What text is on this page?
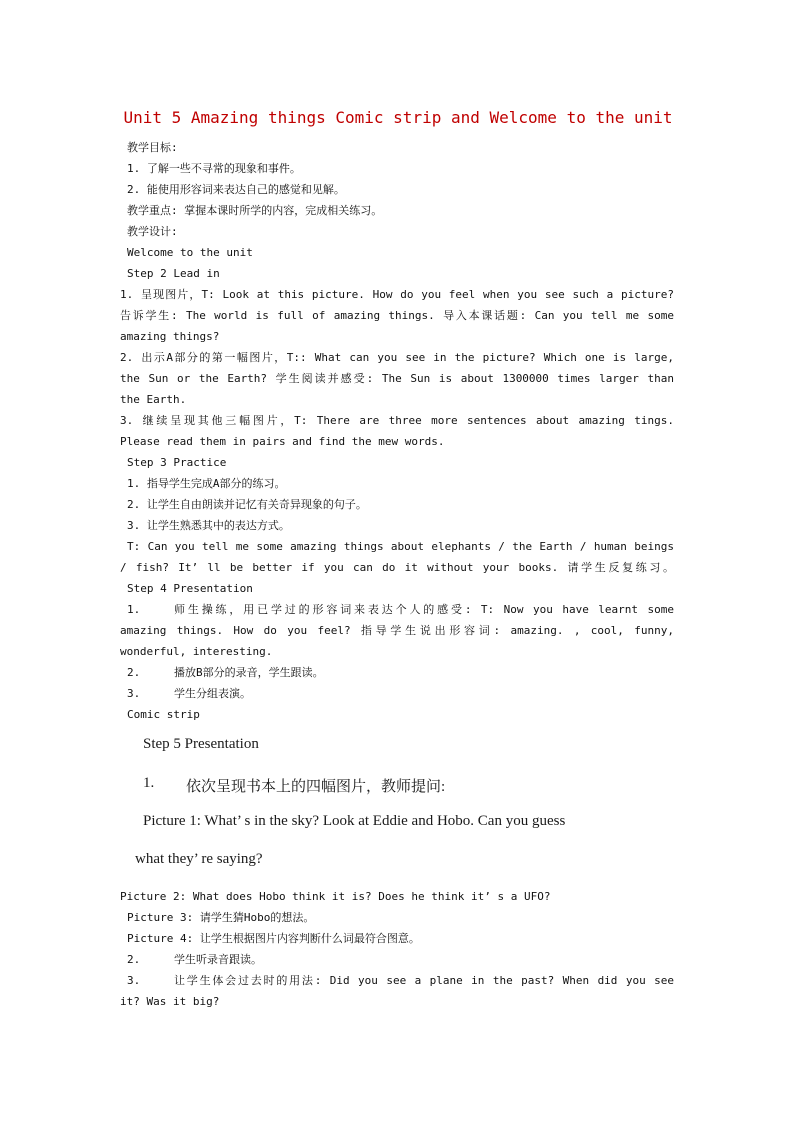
Unit 5 Amazing things Comic strip and Welcome to the unit
教学目标:
1. 了解一些不寻常的现象和事件。
2. 能使用形容词来表达自己的感觉和见解。
教学重点: 掌握本课时所学的内容，完成相关练习。
教学设计:
Welcome to the unit
Step 2 Lead in
1. 呈现图片，T: Look at this picture. How do you feel when you see such a picture?
告诉学生: The world is full of amazing things. 导入本课话题: Can you tell me some
amazing things?
2. 出示A部分的第一幅图片，T:: What can you see in the picture? Which one is large,
the Sun or the Earth? 学生阅读并感受: The Sun is about 1300000 times larger than
the Earth.
3. 继续呈现其他三幅图片，T: There are three more sentences about amazing tings.
Please read them in pairs and find the mew words.
Step 3 Practice
1. 指导学生完成A部分的练习。
2. 让学生自由朗读并记忆有关奇异现象的句子。
3. 让学生熟悉其中的表达方式。
T: Can you tell me some amazing things about elephants / the Earth / human beings
/ fish? It’ ll be better if you can do it without your books. 请学生反复练习。
Step 4 Presentation
1.	师生操练，用已学过的形容词来表达个人的感受: T: Now you have learnt some
amazing things. How do you feel? 指导学生说出形容词: amazing. , cool, funny,
wonderful, interesting.
2.	播放B部分的录音，学生跟读。
3.	学生分组表演。
Comic strip
Step 5 Presentation
1. 依次呈现书本上的四幅图片，教师提问:
Picture 1: What’ s in the sky? Look at Eddie and Hobo. Can you guess
what they’ re saying?
Picture 2: What does Hobo think it is? Does he think it’ s a UFO?
Picture 3: 请学生猜Hobo的想法。
Picture 4: 让学生根据图片内容判断什么词最符合图意。
2.	学生听录音跟读。
3.	让学生体会过去时的用法: Did you see a plane in the past? When did you see
it? Was it big?
